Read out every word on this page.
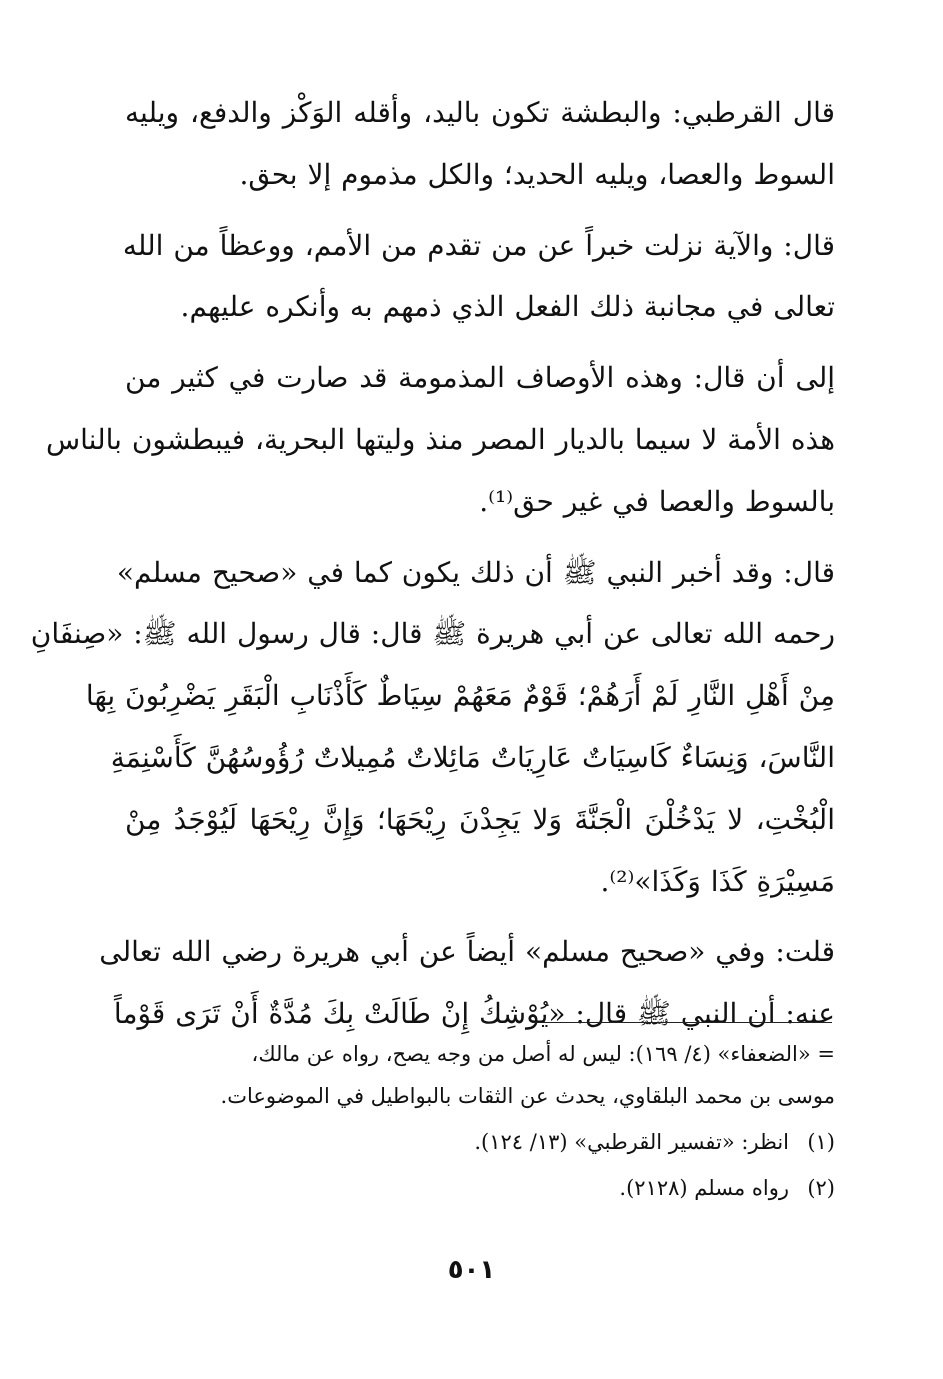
قال القرطبي: والبطشة تكون باليد، وأقله الوَكْز والدفع، ويليه
السوط والعصا، ويليه الحديد؛ والكل مذموم إلا بحق.
قال: والآية نزلت خبراً عن من تقدم من الأمم، ووعظاً من الله
تعالى في مجانبة ذلك الفعل الذي ذمهم به وأنكره عليهم.
إلى أن قال: وهذه الأوصاف المذمومة قد صارت في كثير من
هذه الأمة لا سيما بالديار المصر منذ وليتها البحرية، فيبطشون بالناس
بالسوط والعصا في غير حق⁽¹⁾.
قال: وقد أخبر النبي ﷺ أن ذلك يكون كما في «صحيح مسلم»
رحمه الله تعالى عن أبي هريرة ﷺ قال: قال رسول الله ﷺ: «صِنفَانِ
مِنْ أَهْلِ النَّارِ لَمْ أَرَهُمْ؛ قَوْمٌ مَعَهُمْ سِيَاطٌ كَأَذْنَابِ الْبَقَرِ يَضْرِبُونَ بِهَا
النَّاسَ، وَنِسَاءٌ كَاسِيَاتٌ عَارِيَاتٌ مَائِلاتٌ مُمِيلاتٌ رُؤُوسُهُنَّ كَأَسْنِمَةِ
الْبُخْتِ، لا يَدْخُلْنَ الْجَنَّةَ وَلا يَجِدْنَ رِيْحَهَا؛ وَإِنَّ رِيْحَهَا لَيُوْجَدُ مِنْ
مَسِيْرَةِ كَذَا وَكَذَا»⁽²⁾.
قلت: وفي «صحيح مسلم» أيضاً عن أبي هريرة رضي الله تعالى
عنه: أن النبي ﷺ قال: «يُوْشِكُ إِنْ طَالَتْ بِكَ مُدَّةٌ أَنْ تَرَى قَوْماً
= «الضعفاء» (٤/ ١٦٩): ليس له أصل من وجه يصح، رواه عن مالك،
موسى بن محمد البلقاوي، يحدث عن الثقات بالبواطيل في الموضوعات.
(١)انظر: «تفسير القرطبي» (١٣/ ١٢٤).
(٢)رواه مسلم (٢١٢٨).
٥٠١
